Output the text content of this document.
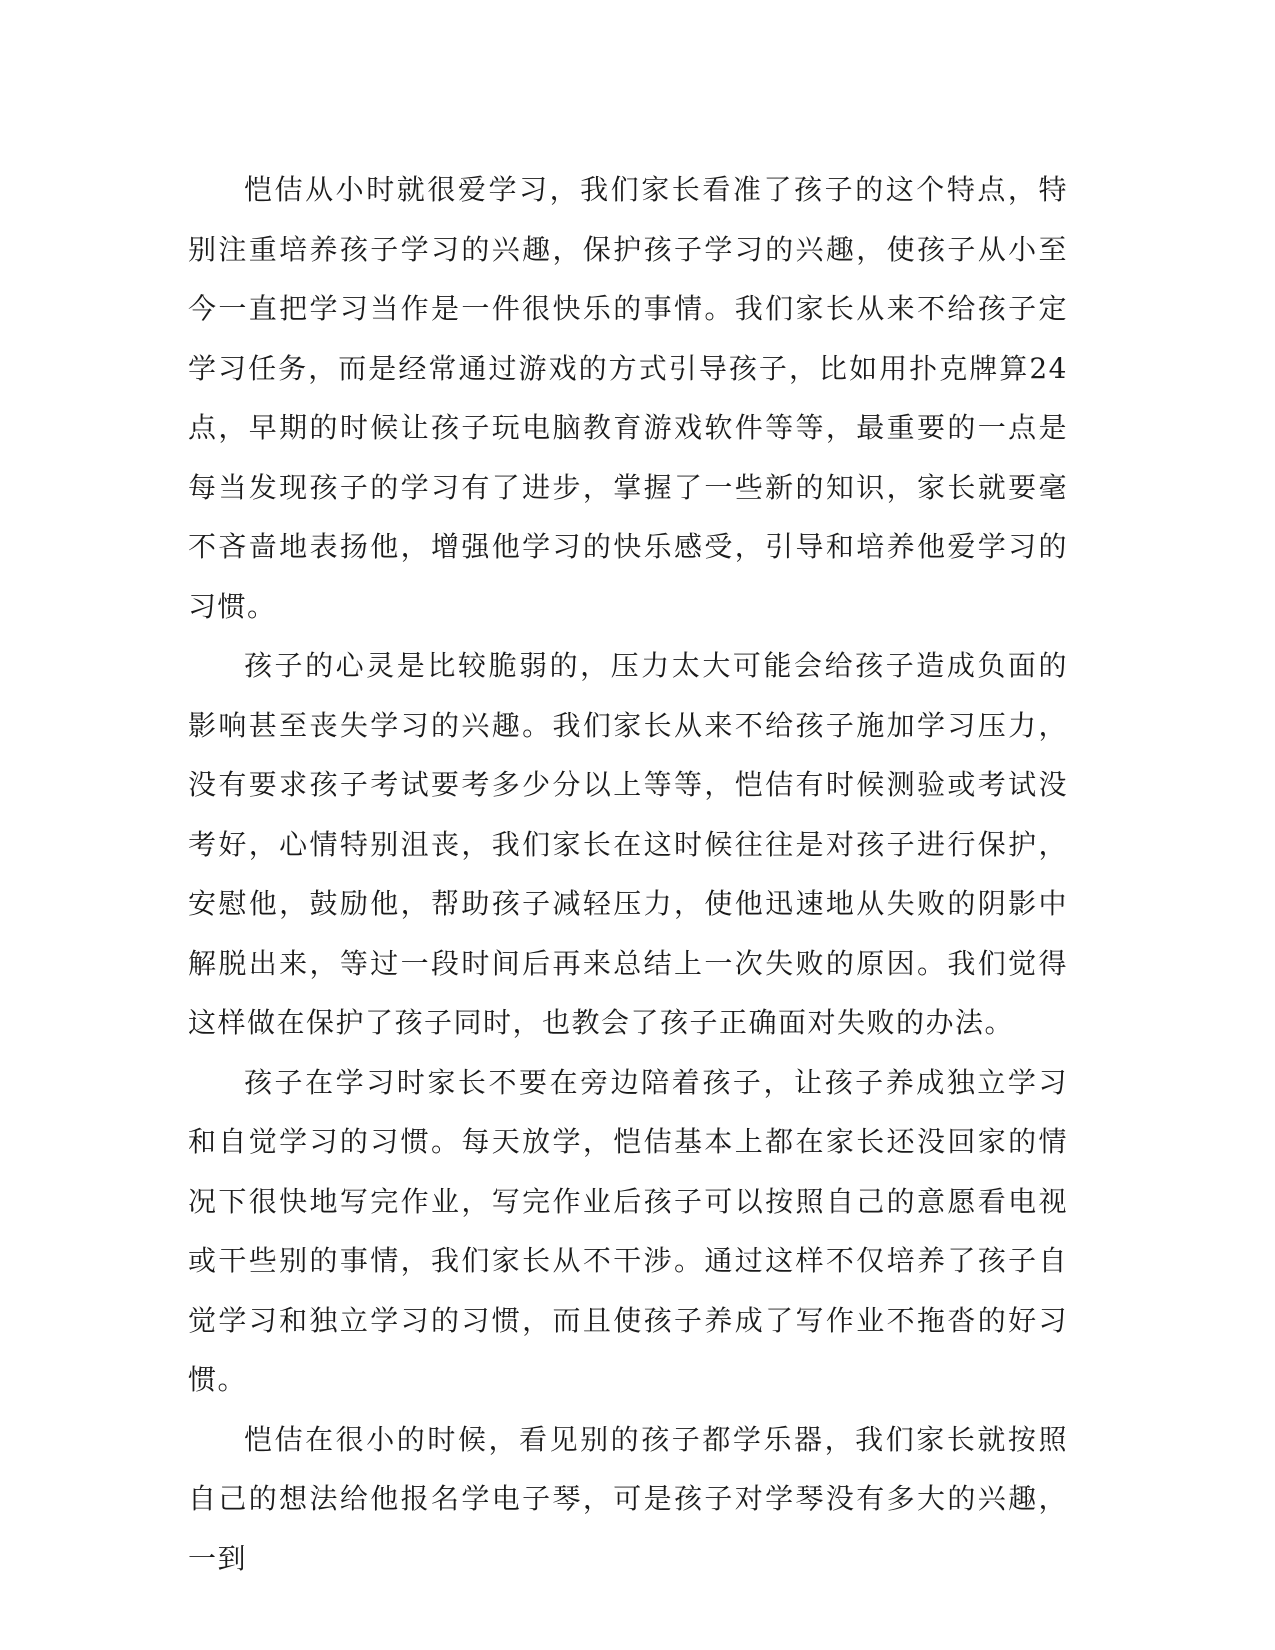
恺佶从小时就很爱学习，我们家长看准了孩子的这个特点，特别注重培养孩子学习的兴趣，保护孩子学习的兴趣，使孩子从小至今一直把学习当作是一件很快乐的事情。我们家长从来不给孩子定学习任务，而是经常通过游戏的方式引导孩子，比如用扑克牌算24点，早期的时候让孩子玩电脑教育游戏软件等等，最重要的一点是每当发现孩子的学习有了进步，掌握了一些新的知识，家长就要毫不吝啬地表扬他，增强他学习的快乐感受，引导和培养他爱学习的习惯。

孩子的心灵是比较脆弱的，压力太大可能会给孩子造成负面的影响甚至丧失学习的兴趣。我们家长从来不给孩子施加学习压力，没有要求孩子考试要考多少分以上等等，恺佶有时候测验或考试没考好，心情特别沮丧，我们家长在这时候往往是对孩子进行保护，安慰他，鼓励他，帮助孩子减轻压力，使他迅速地从失败的阴影中解脱出来，等过一段时间后再来总结上一次失败的原因。我们觉得这样做在保护了孩子同时，也教会了孩子正确面对失败的办法。

孩子在学习时家长不要在旁边陪着孩子，让孩子养成独立学习和自觉学习的习惯。每天放学，恺佶基本上都在家长还没回家的情况下很快地写完作业，写完作业后孩子可以按照自己的意愿看电视或干些别的事情，我们家长从不干涉。通过这样不仅培养了孩子自觉学习和独立学习的习惯，而且使孩子养成了写作业不拖沓的好习惯。

恺佶在很小的时候，看见别的孩子都学乐器，我们家长就按照自己的想法给他报名学电子琴，可是孩子对学琴没有多大的兴趣，一到
